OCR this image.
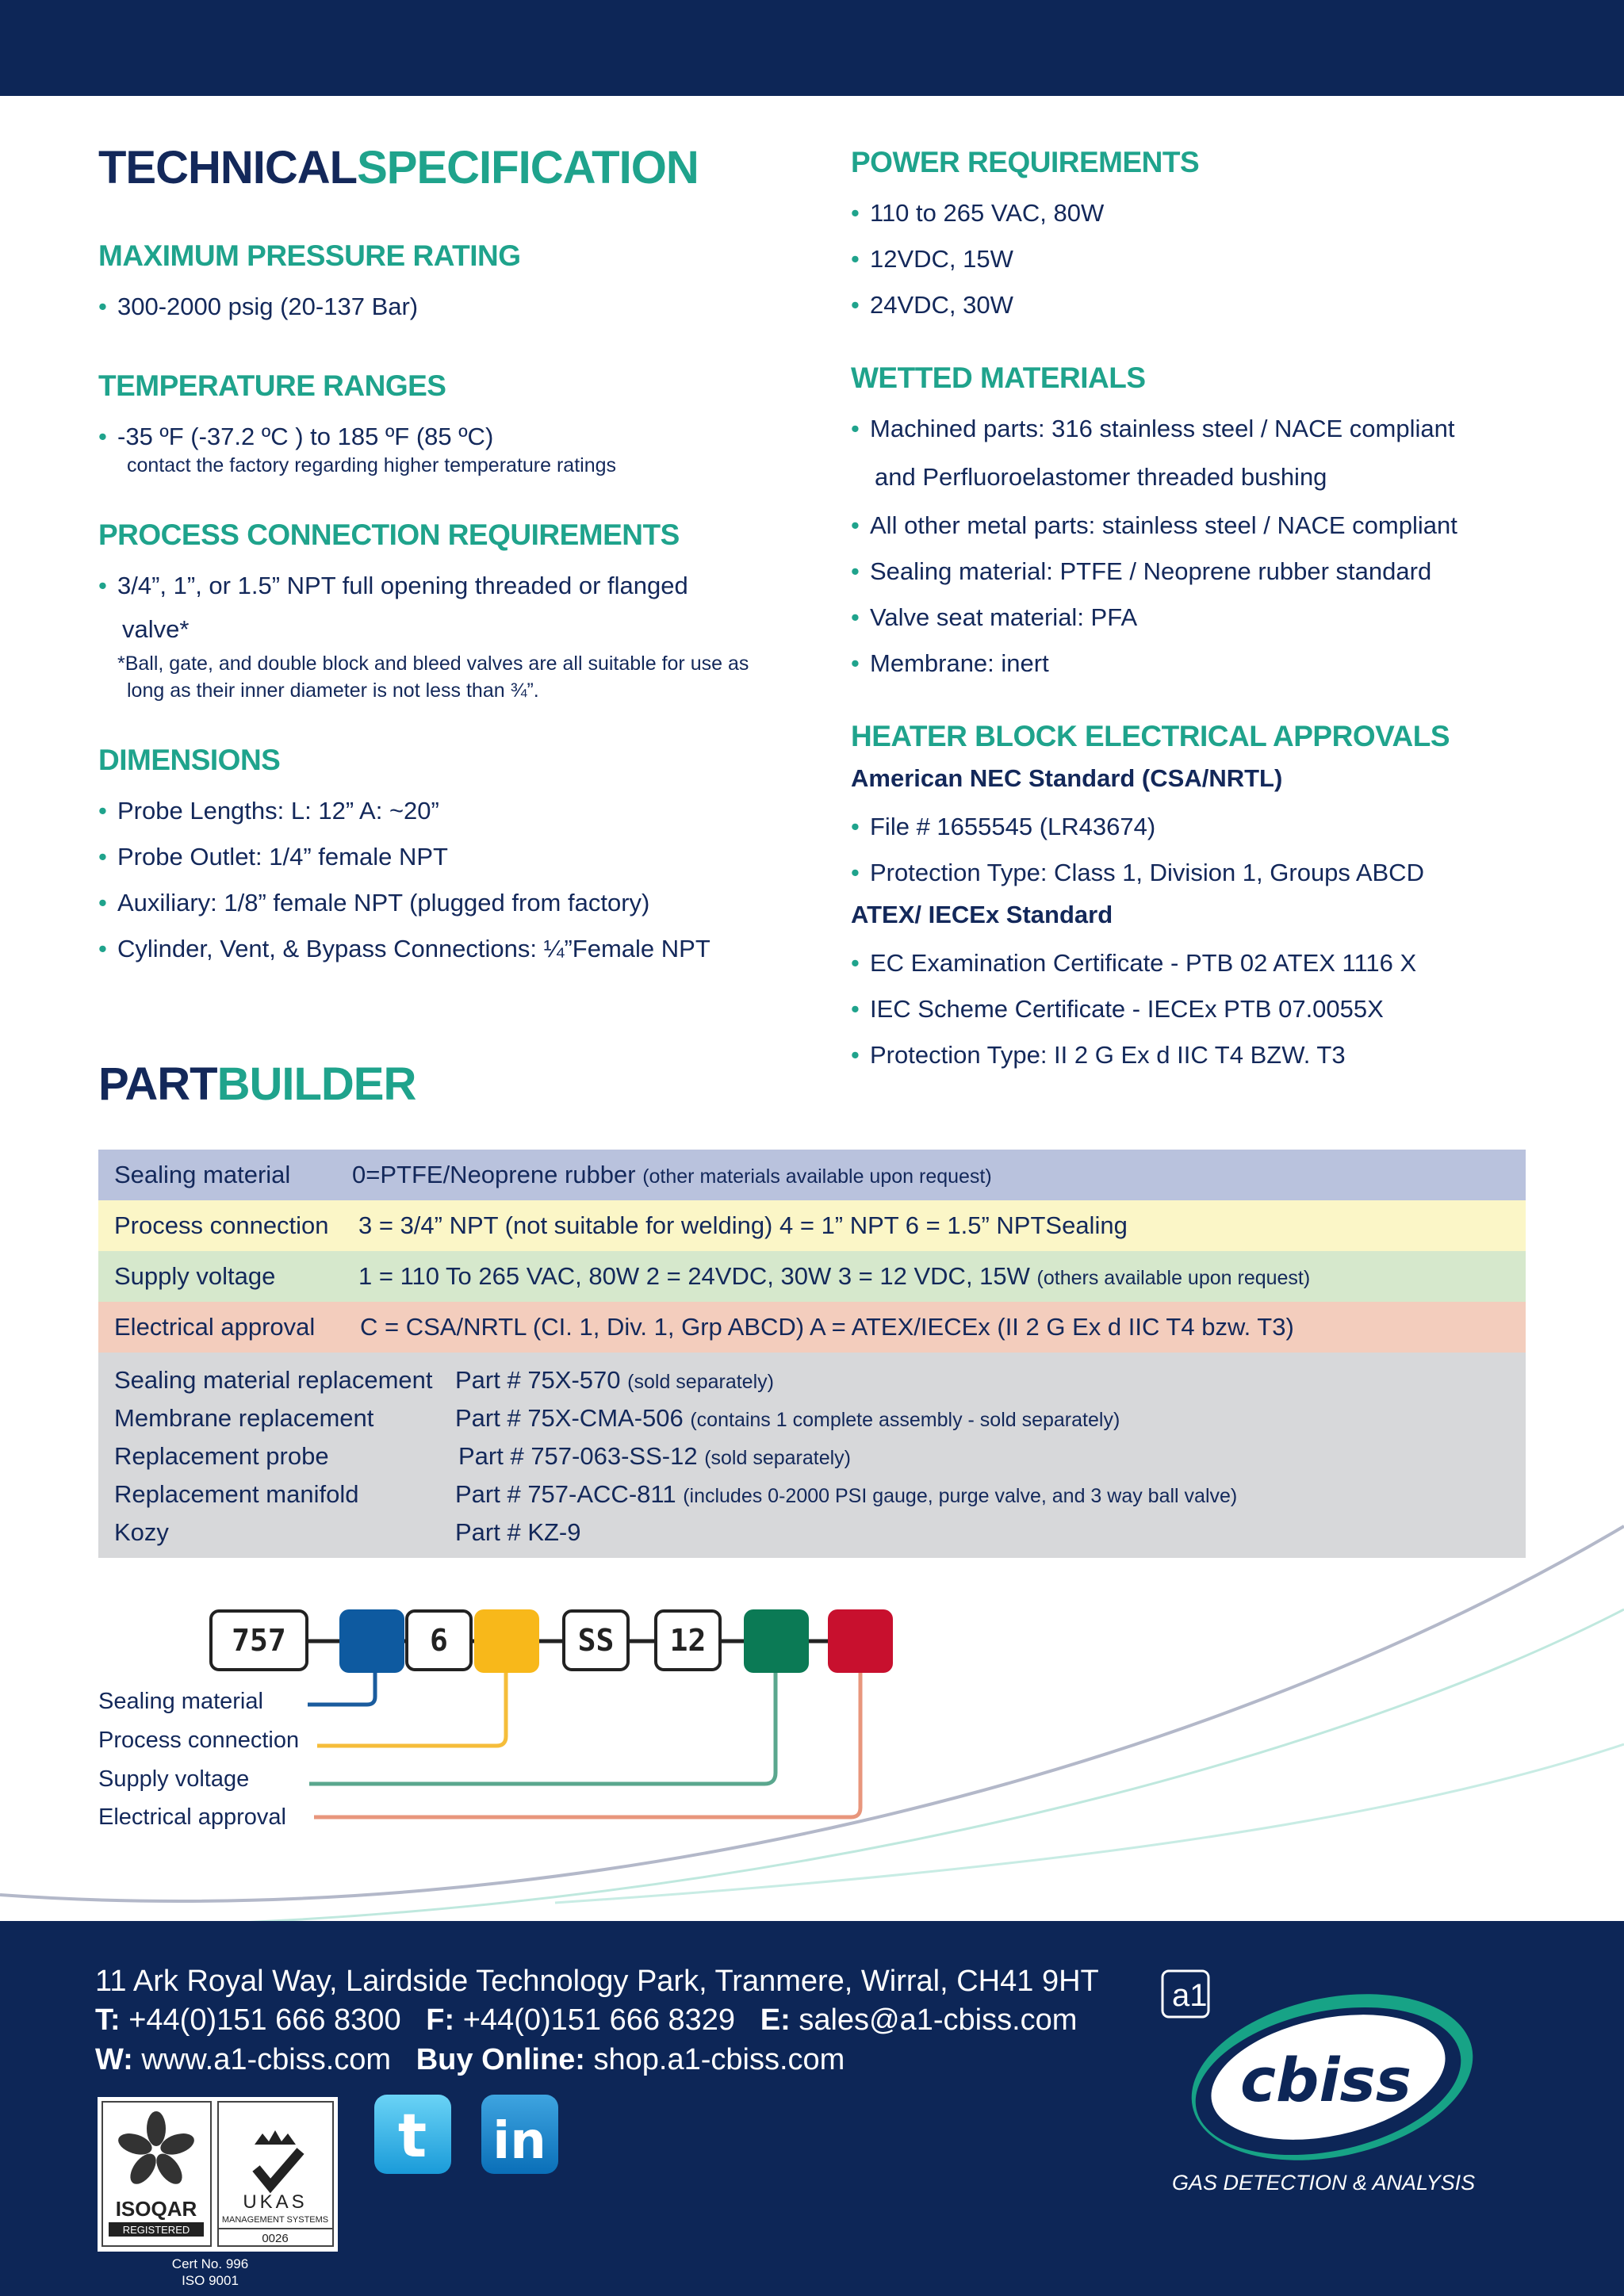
TECHNICALSPECIFICATION
MAXIMUM PRESSURE RATING
• 300-2000 psig (20-137 Bar)
TEMPERATURE RANGES
• -35 ºF (-37.2 ºC ) to 185 ºF (85 ºC)
contact the factory regarding higher temperature ratings
PROCESS CONNECTION REQUIREMENTS
• 3/4”, 1”, or 1.5” NPT full opening threaded or flanged
valve*
*Ball, gate, and double block and bleed valves are all suitable for use as
long as their inner diameter is not less than ¾”.
DIMENSIONS
• Probe Lengths: L: 12” A: ~20”
• Probe Outlet: 1/4” female NPT
• Auxiliary: 1/8” female NPT (plugged from factory)
• Cylinder, Vent, & Bypass Connections: ¼”Female NPT
POWER REQUIREMENTS
• 110 to 265 VAC, 80W
• 12VDC, 15W
• 24VDC, 30W
WETTED MATERIALS
• Machined parts: 316 stainless steel / NACE compliant
and Perfluoroelastomer threaded bushing
• All other metal parts: stainless steel / NACE compliant
• Sealing material: PTFE / Neoprene rubber standard
• Valve seat material: PFA
• Membrane: inert
HEATER BLOCK ELECTRICAL APPROVALS
American NEC Standard (CSA/NRTL)
• File # 1655545 (LR43674)
• Protection Type: Class 1, Division 1, Groups ABCD
ATEX/ IECEx Standard
• EC Examination Certificate - PTB 02 ATEX 1116 X
• IEC Scheme Certificate - IECEx PTB 07.0055X
• Protection Type: II 2 G Ex d IIC T4 BZW. T3
PARTBUILDER
Sealing material	0=PTFE/Neoprene rubber (other materials available upon request)
Process connection	3 = 3/4” NPT (not suitable for welding) 4 = 1” NPT 6 = 1.5” NPTSealing
Supply voltage	1 = 110 To 265 VAC, 80W 2 = 24VDC, 30W 3 = 12 VDC, 15W (others available upon request)
Electrical approval	C = CSA/NRTL (CI. 1, Div. 1, Grp ABCD) A = ATEX/IECEx (II 2 G Ex d IIC T4 bzw. T3)
Sealing material replacement Part # 75X-570 (sold separately)
Membrane replacement	Part # 75X-CMA-506 (contains 1 complete assembly - sold separately)
Replacement probe	Part # 757-063-SS-12 (sold separately)
Replacement manifold	Part # 757-ACC-811 (includes 0-2000 PSI gauge, purge valve, and 3 way ball valve)
Kozy	Part # KZ-9
757	6	SS	12
Sealing material
Process connection
Supply voltage
Electrical approval
11 Ark Royal Way, Lairdside Technology Park, Tranmere, Wirral, CH41 9HT
T: +44(0)151 666 8300 F: +44(0)151 666 8329 E: sales@a1-cbiss.com
W: www.a1-cbiss.com Buy Online: shop.a1-cbiss.com
ISOQAR
REGISTERED
UKAS
MANAGEMENT SYSTEMS
0026
Cert No. 996
ISO 9001
t in
a1
cbiss
GAS DETECTION & ANALYSIS
